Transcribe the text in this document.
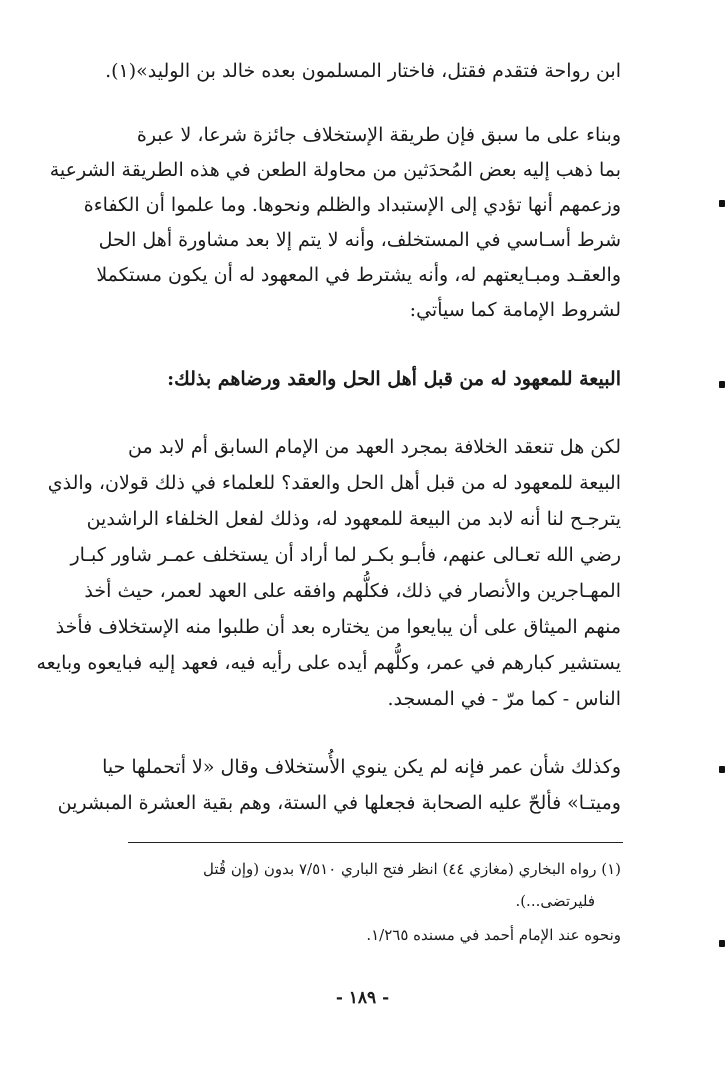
ابن رواحة فتقدم فقتل، فاختار المسلمون بعده خالد بن الوليد»(١).
وبناء على ما سبق فإن طريقة الإستخلاف جائزة شرعا، لا عبرة
بما ذهب إليه بعض المُحدَثين من محاولة الطعن في هذه الطريقة الشرعية
وزعمهم أنها تؤدي إلى الإستبداد والظلم ونحوها. وما علموا أن الكفاءة
شرط أسـاسي في المستخلف، وأنه لا يتم إلا بعد مشاورة أهل الحل
والعقـد ومبـايعتهم له، وأنه يشترط في المعهود له أن يكون مستكملا
لشروط الإمامة كما سيأتي:
البيعة للمعهود له من قبل أهل الحل والعقد ورضاهم بذلك:
لكن هل تنعقد الخلافة بمجرد العهد من الإمام السابق أم لابد من
البيعة للمعهود له من قبل أهل الحل والعقد؟ للعلماء في ذلك قولان، والذي
يترجـح لنا أنه لابد من البيعة للمعهود له، وذلك لفعل الخلفاء الراشدين
رضي الله تعـالى عنهم، فأبـو بكـر لما أراد أن يستخلف عمـر شاور كبـار
المهـاجرين والأنصار في ذلك، فكلُّهم وافقه على العهد لعمر، حيث أخذ
منهم الميثاق على أن يبايعوا من يختاره بعد أن طلبوا منه الإستخلاف فأخذ
يستشير كبارهم في عمر، وكلُّهم أيده على رأيه فيه، فعهد إليه فبايعوه وبايعه
الناس - كما مرّ - في المسجد.
وكذلك شأن عمر فإنه لم يكن ينوي الأُستخلاف وقال «لا أتحملها حيا
وميتـا» فألحّ عليه الصحابة فجعلها في الستة، وهم بقية العشرة المبشرين
(١) رواه البخاري (مغازي ٤٤) انظر فتح الباري ٧/٥١٠ بدون (وإن قُتل
فليرتضى...).
ونحوه عند الإمام أحمد في مسنده ١/٢٦٥.
- ١٨٩ -
